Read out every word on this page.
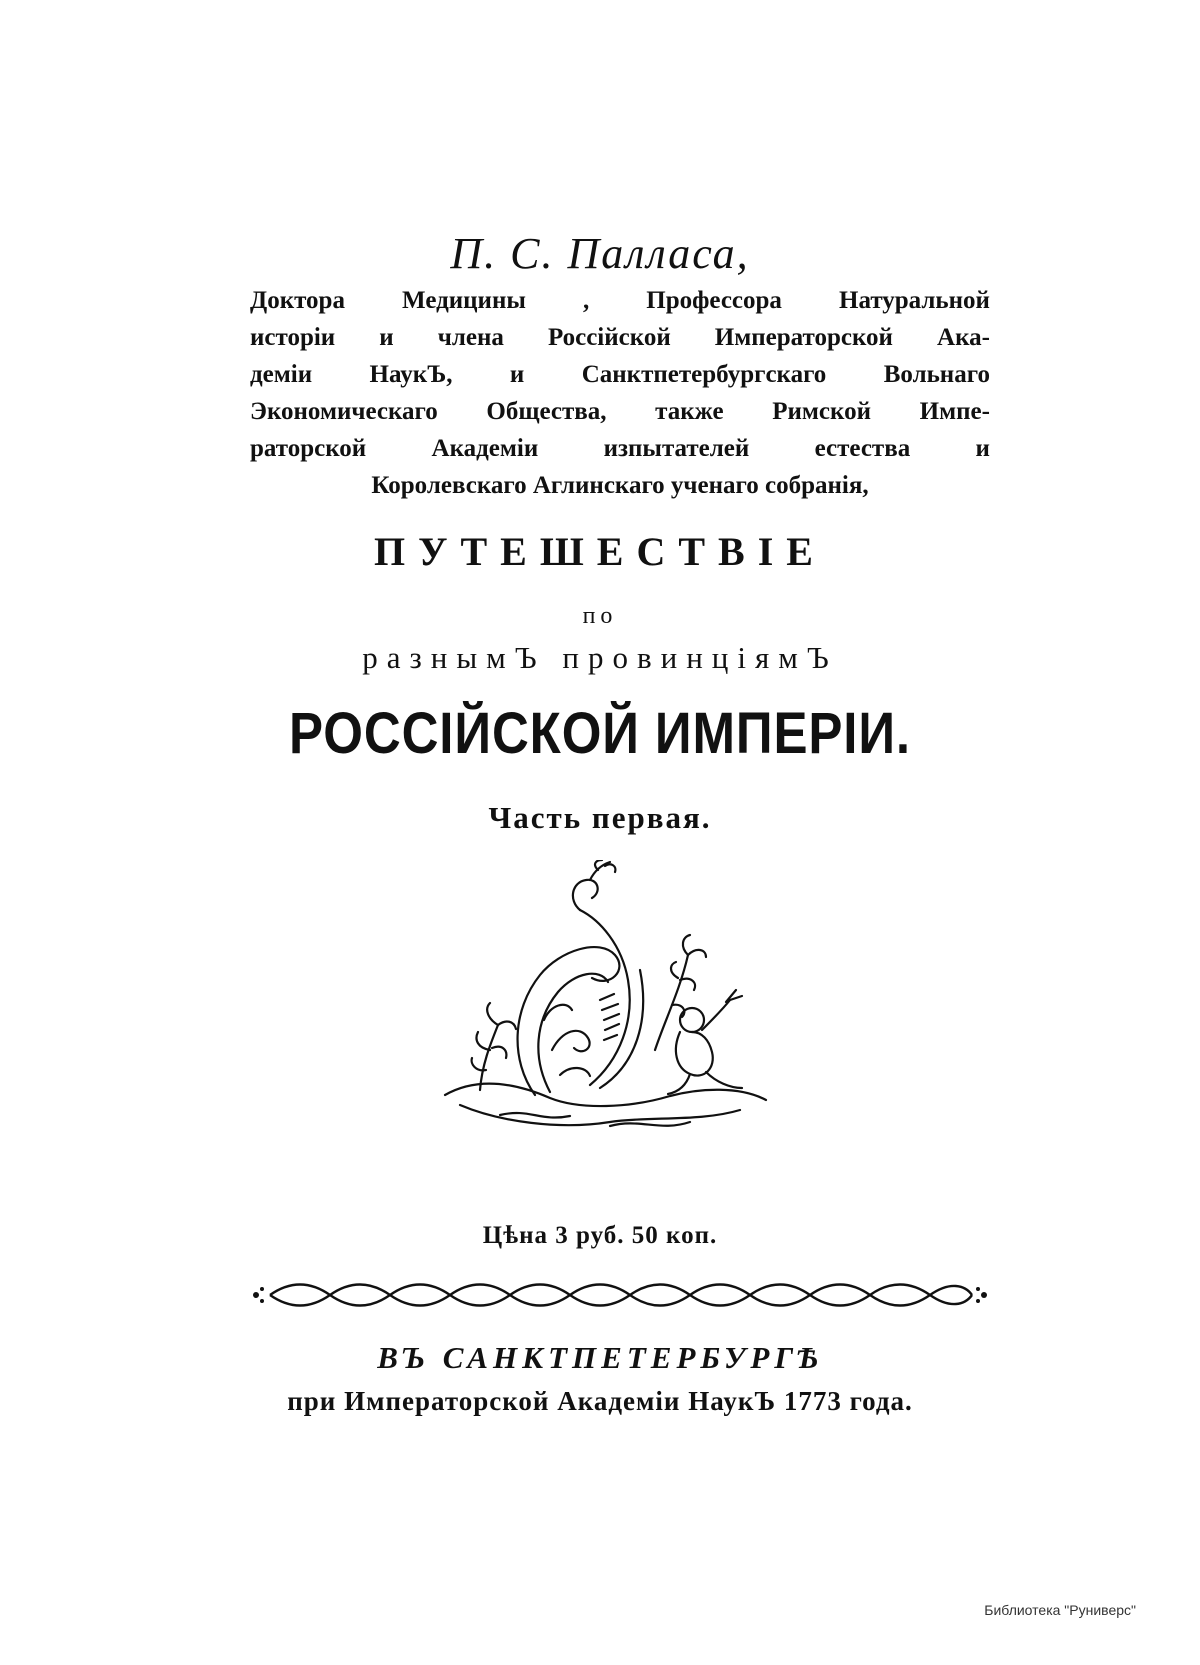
П. С. Палласа,

Доктора Медицины , Профессора Натуральной

исторіи и члена Россійской Императорской Ака-

деміи НаукЪ, и Санктпетербургскаго Вольнаго

Экономическаго Общества, также Римской Импе-

раторской	Академіи	изпытателей	естества	и

Королевскаго Аглинскаго ученаго собранія,

ПУТЕШЕСТВІЕ
по
разнымЪ провинціямЪ
РОССІЙСКОЙ ИМПЕРІИ.
Часть первая.
Цѣна 3 руб. 50 коп.
ВЪ САНКТПЕТЕРБУРГѢ
при Императорской Академіи НаукЪ 1773 года.
Библиотека "Руниверс"
